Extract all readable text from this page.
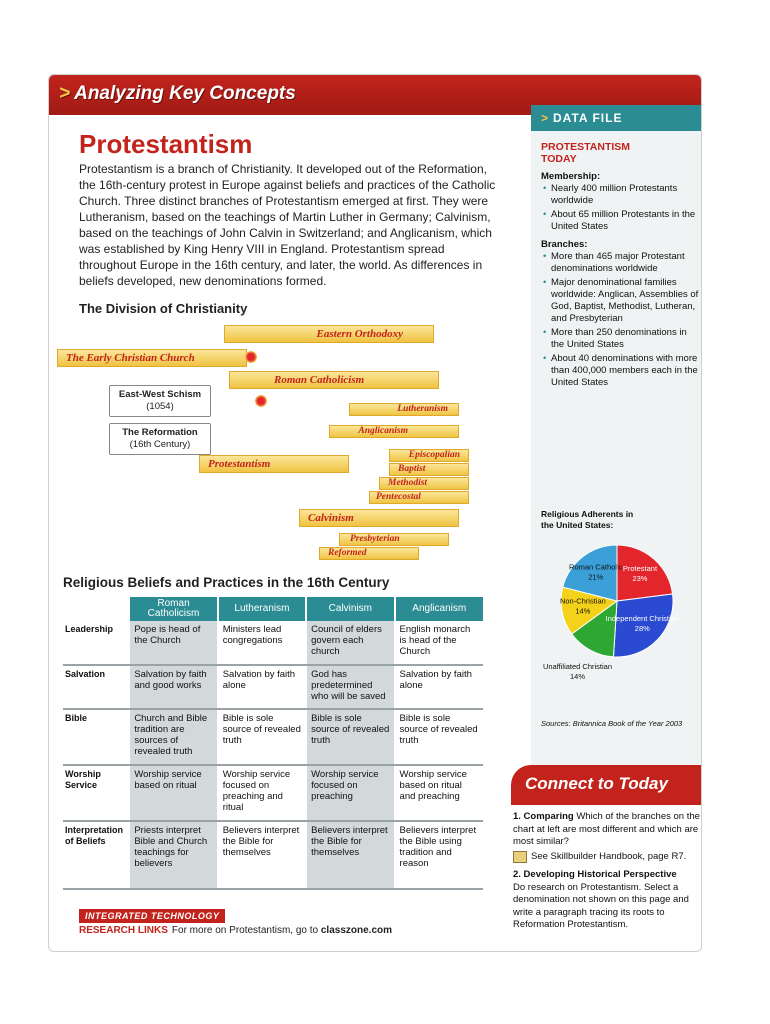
> Analyzing Key Concepts
Protestantism
Protestantism is a branch of Christianity. It developed out of the Reformation, the 16th-century protest in Europe against beliefs and practices of the Catholic Church. Three distinct branches of Protestantism emerged at first. They were Lutheranism, based on the teachings of Martin Luther in Germany; Calvinism, based on the teachings of John Calvin in Switzerland; and Anglicanism, which was established by King Henry VIII in England. Protestantism spread throughout Europe in the 16th century, and later, the world. As differences in beliefs developed, new denominations formed.
The Division of Christianity
Eastern Orthodoxy
The Early Christian Church
Roman Catholicism
Lutheranism
Anglicanism
Protestantism
Episcopalian
Baptist
Methodist
Pentecostal
Calvinism
Presbyterian
Reformed
East-West Schism
(1054)
The Reformation
(16th Century)
Religious Beliefs and Practices in the 16th Century
	Roman Catholicism	Lutheranism	Calvinism	Anglicanism
Leadership	Pope is head of the Church	Ministers lead congregations	Council of elders govern each church	English monarch is head of the Church
Salvation	Salvation by faith and good works	Salvation by faith alone	God has predetermined who will be saved	Salvation by faith alone
Bible	Church and Bible tradition are sources of revealed truth	Bible is sole source of revealed truth	Bible is sole source of revealed truth	Bible is sole source of revealed truth
Worship Service	Worship service based on ritual	Worship service focused on preaching and ritual	Worship service focused on preaching	Worship service based on ritual and preaching
Interpretation of Beliefs	Priests interpret Bible and Church teachings for believers	Believers interpret the Bible for themselves	Believers interpret the Bible for themselves	Believers interpret the Bible using tradition and reason
INTEGRATED TECHNOLOGY
RESEARCH LINKS For more on Protestantism, go to classzone.com
> DATA FILE
PROTESTANTISM
TODAY
Membership:
• Nearly 400 million Protestants worldwide
• About 65 million Protestants in the United States
Branches:
• More than 465 major Protestant denominations worldwide
• Major denominational families worldwide: Anglican, Assemblies of God, Baptist, Methodist, Lutheran, and Presbyterian
• More than 250 denominations in the United States
• About 40 denominations with more than 400,000 members each in the United States
Religious Adherents in
the United States:
Protestant
23%
Independent Christian
28%
Unaffiliated Christian
14%
Non-Christian
14%
Roman Catholic
21%
Sources: Britannica Book of the Year 2003
Connect to Today
1. Comparing Which of the branches on the chart at left are most different and which are most similar?
See Skillbuilder Handbook, page R7.
2. Developing Historical Perspective
Do research on Protestantism. Select a denomination not shown on this page and write a paragraph tracing its roots to Reformation Protestantism.
